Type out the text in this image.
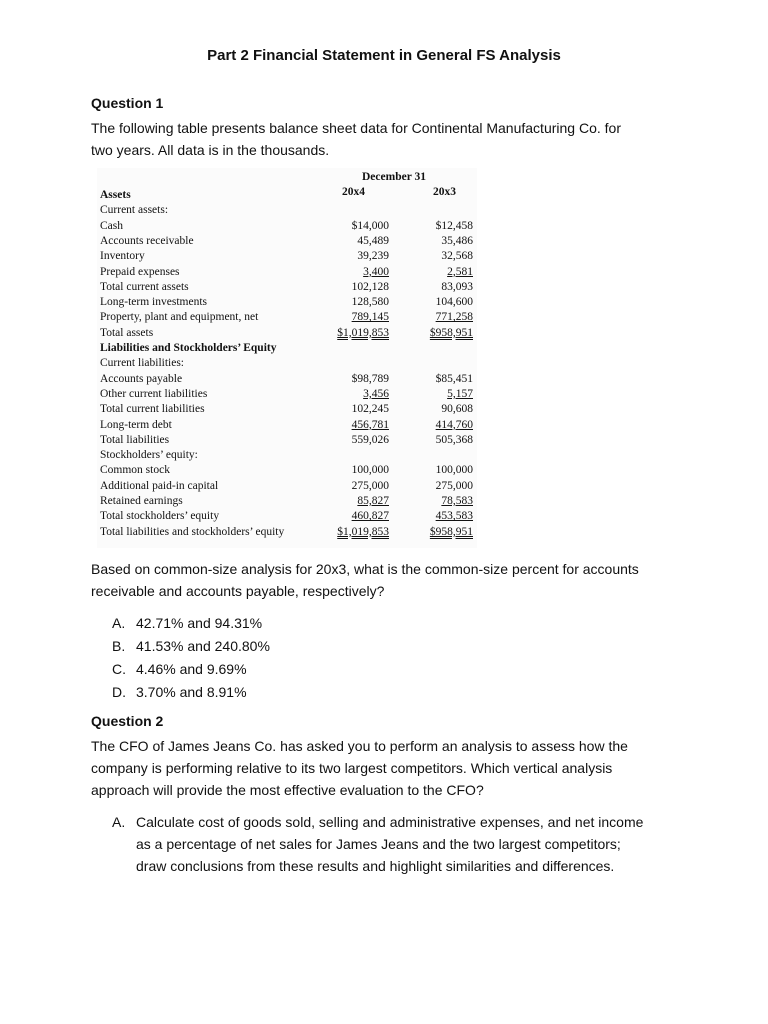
Part 2 Financial Statement in General FS Analysis
Question 1
The following table presents balance sheet data for Continental Manufacturing Co. for
two years. All data is in the thousands.
December 31
20x4	20x3
Assets
Current assets:
Cash	$14,000	$12,458
Accounts receivable	45,489	35,486
Inventory	39,239	32,568
Prepaid expenses	3,400	2,581
Total current assets	102,128	83,093
Long-term investments	128,580	104,600
Property, plant and equipment, net	789,145	771,258
Total assets	$1,019,853	$958,951
Liabilities and Stockholders’ Equity
Current liabilities:
Accounts payable	$98,789	$85,451
Other current liabilities	3,456	5,157
Total current liabilities	102,245	90,608
Long-term debt	456,781	414,760
Total liabilities	559,026	505,368
Stockholders’ equity:
Common stock	100,000	100,000
Additional paid-in capital	275,000	275,000
Retained earnings	85,827	78,583
Total stockholders’ equity	460,827	453,583
Total liabilities and stockholders’ equity	$1,019,853	$958,951
Based on common-size analysis for 20x3, what is the common-size percent for accounts
receivable and accounts payable, respectively?
A. 42.71% and 94.31%
B. 41.53% and 240.80%
C. 4.46% and 9.69%
D. 3.70% and 8.91%
Question 2
The CFO of James Jeans Co. has asked you to perform an analysis to assess how the
company is performing relative to its two largest competitors. Which vertical analysis
approach will provide the most effective evaluation to the CFO?
A. Calculate cost of goods sold, selling and administrative expenses, and net income
as a percentage of net sales for James Jeans and the two largest competitors;
draw conclusions from these results and highlight similarities and differences.
